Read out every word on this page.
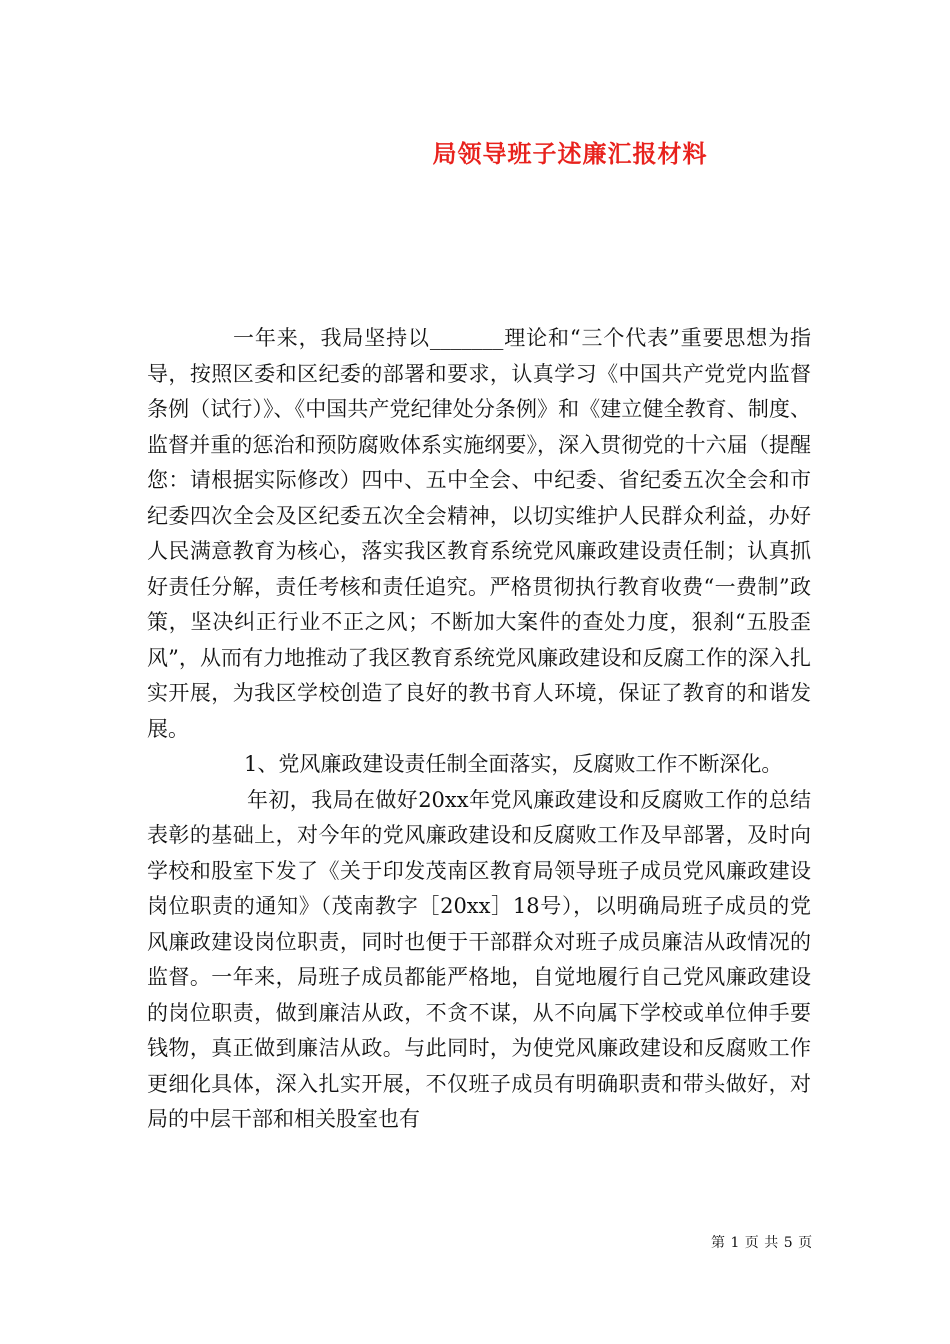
局领导班子述廉汇报材料

一年来，我局坚持以_______理论和“三个代表”重要思想为指导，按照区委和区纪委的部署和要求，认真学习《中国共产党党内监督条例（试行）》、《中国共产党纪律处分条例》和《建立健全教育、制度、监督并重的惩治和预防腐败体系实施纲要》，深入贯彻党的十六届（提醒您：请根据实际修改）四中、五中全会、中纪委、省纪委五次全会和市纪委四次全会及区纪委五次全会精神，以切实维护人民群众利益，办好人民满意教育为核心，落实我区教育系统党风廉政建设责任制；认真抓好责任分解，责任考核和责任追究。严格贯彻执行教育收费“一费制”政策，坚决纠正行业不正之风；不断加大案件的查处力度，狠刹“五股歪风”，从而有力地推动了我区教育系统党风廉政建设和反腐工作的深入扎实开展，为我区学校创造了良好的教书育人环境，保证了教育的和谐发展。

1、党风廉政建设责任制全面落实，反腐败工作不断深化。

年初，我局在做好20xx年党风廉政建设和反腐败工作的总结表彰的基础上，对今年的党风廉政建设和反腐败工作及早部署，及时向学校和股室下发了《关于印发茂南区教育局领导班子成员党风廉政建设岗位职责的通知》（茂南教字［20xx］18号），以明确局班子成员的党风廉政建设岗位职责，同时也便于干部群众对班子成员廉洁从政情况的监督。一年来，局班子成员都能严格地，自觉地履行自己党风廉政建设的岗位职责，做到廉洁从政，不贪不谋，从不向属下学校或单位伸手要钱物，真正做到廉洁从政。与此同时，为使党风廉政建设和反腐败工作更细化具体，深入扎实开展，不仅班子成员有明确职责和带头做好，对局的中层干部和相关股室也有

第 1 页 共 5 页
